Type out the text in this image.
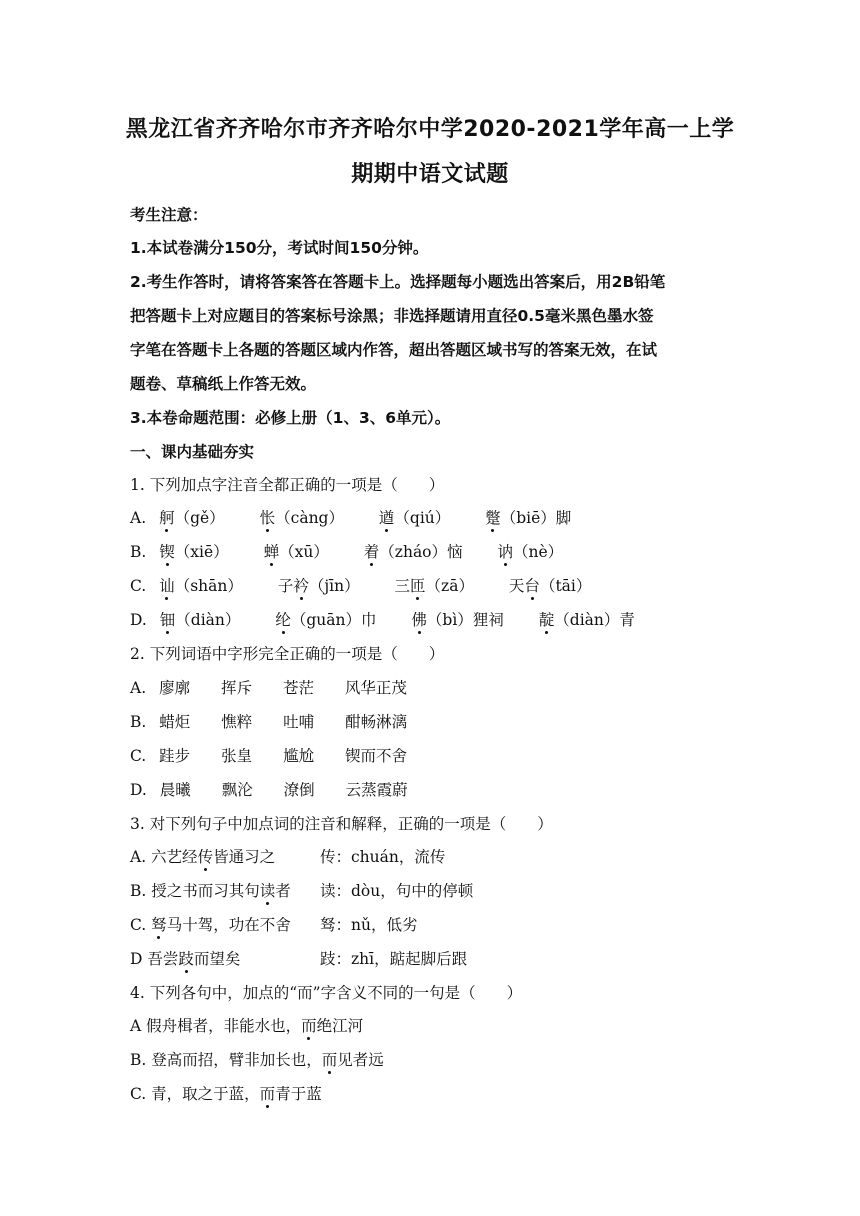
黑龙江省齐齐哈尔市齐齐哈尔中学2020-2021学年高一上学
期期中语文试题
考生注意：
1.本试卷满分150分，考试时间150分钟。
2.考生作答时，请将答案答在答题卡上。选择题每小题选出答案后，用2B铅笔
把答题卡上对应题目的答案标号涂黑；非选择题请用直径0.5毫米黑色墨水签
字笔在答题卡上各题的答题区域内作答，超出答题区域书写的答案无效，在试
题卷、草稿纸上作答无效。
3.本卷命题范围：必修上册（1、3、6单元）。
一、课内基础夯实
1. 下列加点字注音全都正确的一项是（　　）
A. 舸（gě） 怅（càng） 遒（qiú） 蹩（biē）脚
B. 锲（xiē） 蝉（xū） 着（zháo）恼 讷（nè）
C. 讪（shān） 子衿（jīn） 三匝（zā） 天台（tāi）
D. 钿（diàn） 纶（guān）巾 佛（bì）狸祠 靛（diàn）青
2. 下列词语中字形完全正确的一项是（　　）
A. 廖廓 挥斥 苍茫 风华正茂
B. 蜡炬 憔粹 吐哺 酣畅淋漓
C. 跬步 张皇 尴尬 锲而不舍
D. 晨曦 飘沦 潦倒 云蒸霞蔚
3. 对下列句子中加点词的注音和解释，正确的一项是（　　）
A. 六艺经传皆通习之	传：chuán，流传
B. 授之书而习其句读者 读：dòu，句中的停顿
C. 驽马十驾，功在不舍 驽：nǔ，低劣
D 吾尝跂而望矣	跂：zhī，踮起脚后跟
4. 下列各句中，加点的“而”字含义不同的一句是（　　）
A 假舟楫者，非能水也，而绝江河
B. 登高而招，臂非加长也，而见者远
C. 青，取之于蓝，而青于蓝
